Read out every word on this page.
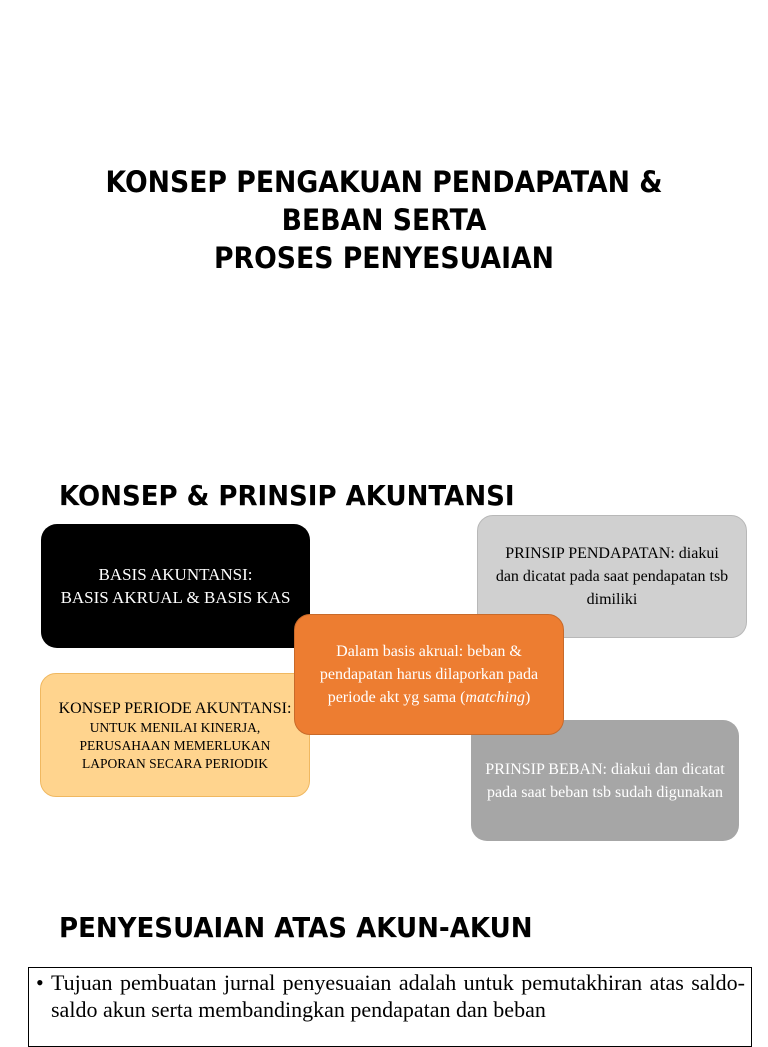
KONSEP PENGAKUAN PENDAPATAN &
BEBAN SERTA
PROSES PENYESUAIAN
KONSEP & PRINSIP AKUNTANSI
BASIS AKUNTANSI:
BASIS AKRUAL & BASIS KAS
PRINSIP PENDAPATAN: diakui dan dicatat pada saat pendapatan tsb dimiliki
KONSEP PERIODE AKUNTANSI:
UNTUK MENILAI KINERJA, PERUSAHAAN MEMERLUKAN LAPORAN SECARA PERIODIK	PRINSIP BEBAN: diakui dan dicatat pada saat beban tsb sudah digunakan
Dalam basis akrual: beban & pendapatan harus dilaporkan pada periode akt yg sama (matching)
PENYESUAIAN ATAS AKUN-AKUN
• Tujuan pembuatan jurnal penyesuaian adalah untuk pemutakhiran atas saldo-saldo akun serta membandingkan pendapatan dan beban
